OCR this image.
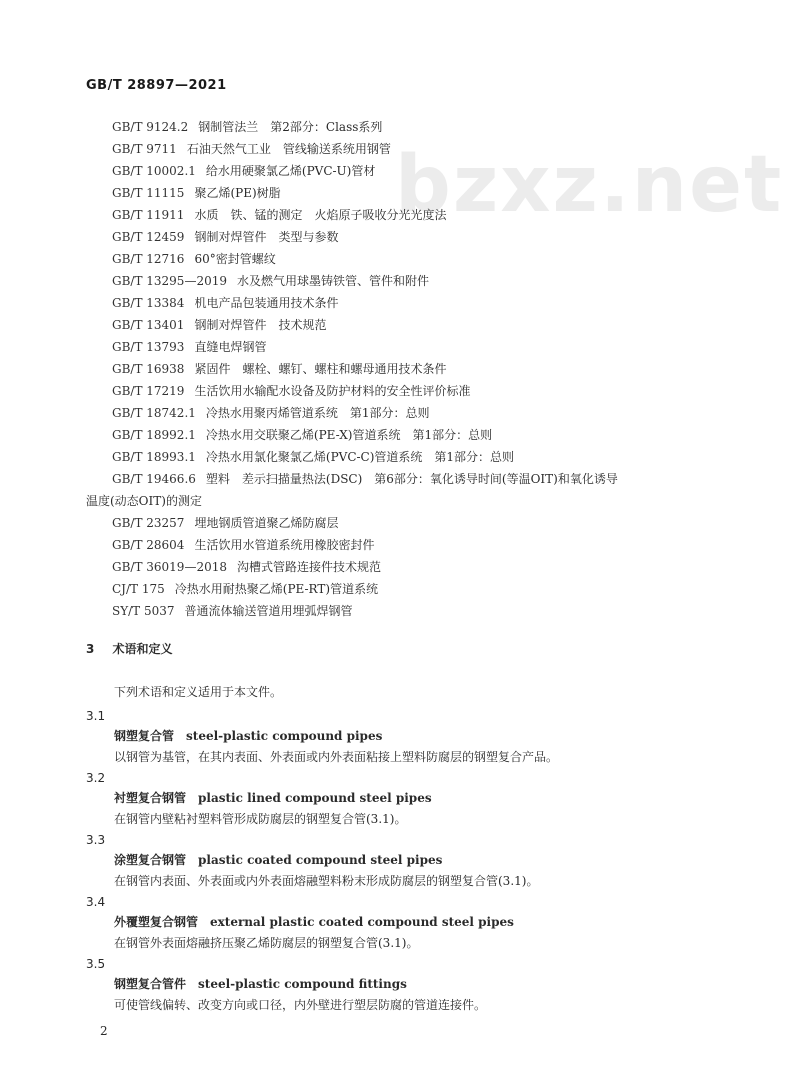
GB/T 28897—2021
bzxz.net
GB/T 9124.2 钢制管法兰　第2部分：Class系列
GB/T 9711 石油天然气工业　管线输送系统用钢管
GB/T 10002.1 给水用硬聚氯乙烯(PVC-U)管材
GB/T 11115 聚乙烯(PE)树脂
GB/T 11911 水质　铁、锰的测定　火焰原子吸收分光光度法
GB/T 12459 钢制对焊管件　类型与参数
GB/T 12716 60°密封管螺纹
GB/T 13295—2019 水及燃气用球墨铸铁管、管件和附件
GB/T 13384 机电产品包装通用技术条件
GB/T 13401 钢制对焊管件　技术规范
GB/T 13793 直缝电焊钢管
GB/T 16938 紧固件　螺栓、螺钉、螺柱和螺母通用技术条件
GB/T 17219 生活饮用水输配水设备及防护材料的安全性评价标准
GB/T 18742.1 冷热水用聚丙烯管道系统　第1部分：总则
GB/T 18992.1 冷热水用交联聚乙烯(PE-X)管道系统　第1部分：总则
GB/T 18993.1 冷热水用氯化聚氯乙烯(PVC-C)管道系统　第1部分：总则
GB/T 19466.6 塑料　差示扫描量热法(DSC)　第6部分：氧化诱导时间(等温OIT)和氧化诱导
温度(动态OIT)的测定
GB/T 23257 埋地钢质管道聚乙烯防腐层
GB/T 28604 生活饮用水管道系统用橡胶密封件
GB/T 36019—2018 沟槽式管路连接件技术规范
CJ/T 175 冷热水用耐热聚乙烯(PE-RT)管道系统
SY/T 5037 普通流体输送管道用埋弧焊钢管
3 术语和定义
下列术语和定义适用于本文件。
3.1
钢塑复合管 steel-plastic compound pipes
以钢管为基管，在其内表面、外表面或内外表面粘接上塑料防腐层的钢塑复合产品。
3.2
衬塑复合钢管 plastic lined compound steel pipes
在钢管内壁粘衬塑料管形成防腐层的钢塑复合管(3.1)。
3.3
涂塑复合钢管 plastic coated compound steel pipes
在钢管内表面、外表面或内外表面熔融塑料粉末形成防腐层的钢塑复合管(3.1)。
3.4
外覆塑复合钢管 external plastic coated compound steel pipes
在钢管外表面熔融挤压聚乙烯防腐层的钢塑复合管(3.1)。
3.5
钢塑复合管件 steel-plastic compound fittings
可使管线偏转、改变方向或口径，内外壁进行塑层防腐的管道连接件。
2
